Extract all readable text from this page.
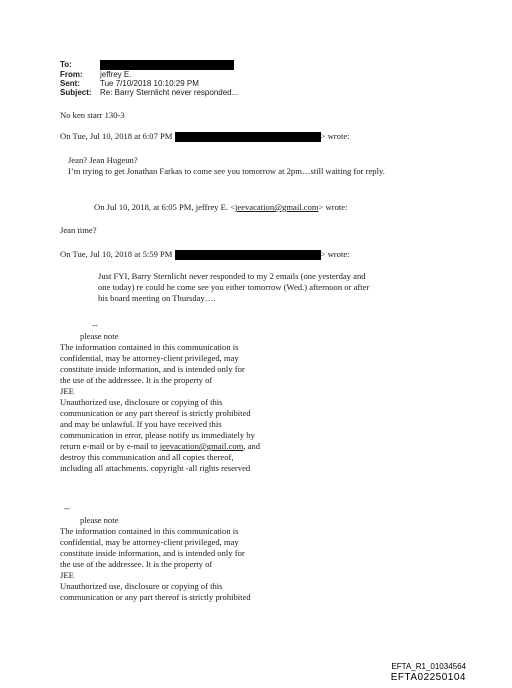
To:
From: jeffrey E.
Sent:	Tue 7/10/2018 10:10:29 PM
Subject: Re: Barry Sternlicht never responded...
No ken starr 130-3
On Tue, Jul 10, 2018 at 6:07 PM	> wrote:
Jean? Jean Hugeun?
I’m trying to get Jonathan Farkas to come see you tomorrow at 2pm…still waiting for reply.
On Jul 10, 2018, at 6:05 PM, jeffrey E. <jeevacation@gmail.com> wrote:
Jean time?
On Tue, Jul 10, 2018 at 5:59 PM	> wrote:
Just FYI, Barry Sternlicht never responded to my 2 emails (one yesterday and
one today) re could he come see you either tomorrow (Wed.) afternoon or after
his board meeting on Thursday….
--
please note
The information contained in this communication is
confidential, may be attorney-client privileged, may
constitute inside information, and is intended only for
the use of the addressee. It is the property of
JEE
Unauthorized use, disclosure or copying of this
communication or any part thereof is strictly prohibited
and may be unlawful. If you have received this
communication in error, please notify us immediately by
return e-mail or by e-mail to jeevacation@gmail.com, and
destroy this communication and all copies thereof,
including all attachments. copyright -all rights reserved
--
please note
The information contained in this communication is
confidential, may be attorney-client privileged, may
constitute inside information, and is intended only for
the use of the addressee. It is the property of
JEE
Unauthorized use, disclosure or copying of this
communication or any part thereof is strictly prohibited
EFTA_R1_01034564
EFTA02250104
